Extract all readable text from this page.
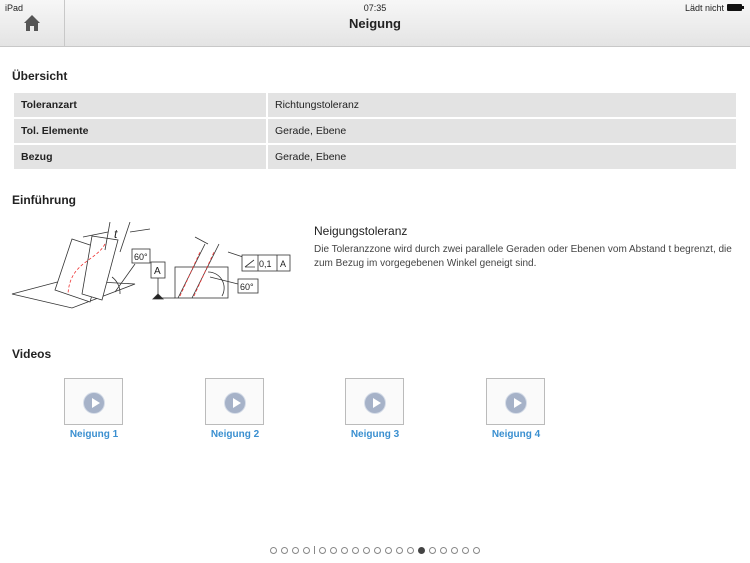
iPad	07:35	Lädt nicht
Neigung
Übersicht
Toleranzart	Richtungstoleranz
Tol. Elemente	Gerade, Ebene
Bezug	Gerade, Ebene
Einführung
t
60°
A
0,1 A
60°
Neigungstoleranz
Die Toleranzzone wird durch zwei parallele Geraden oder Ebenen vom Abstand t begrenzt, die zum Bezug im vorgegebenen Winkel geneigt sind.
Videos
Neigung 1	Neigung 2	Neigung 3	Neigung 4
